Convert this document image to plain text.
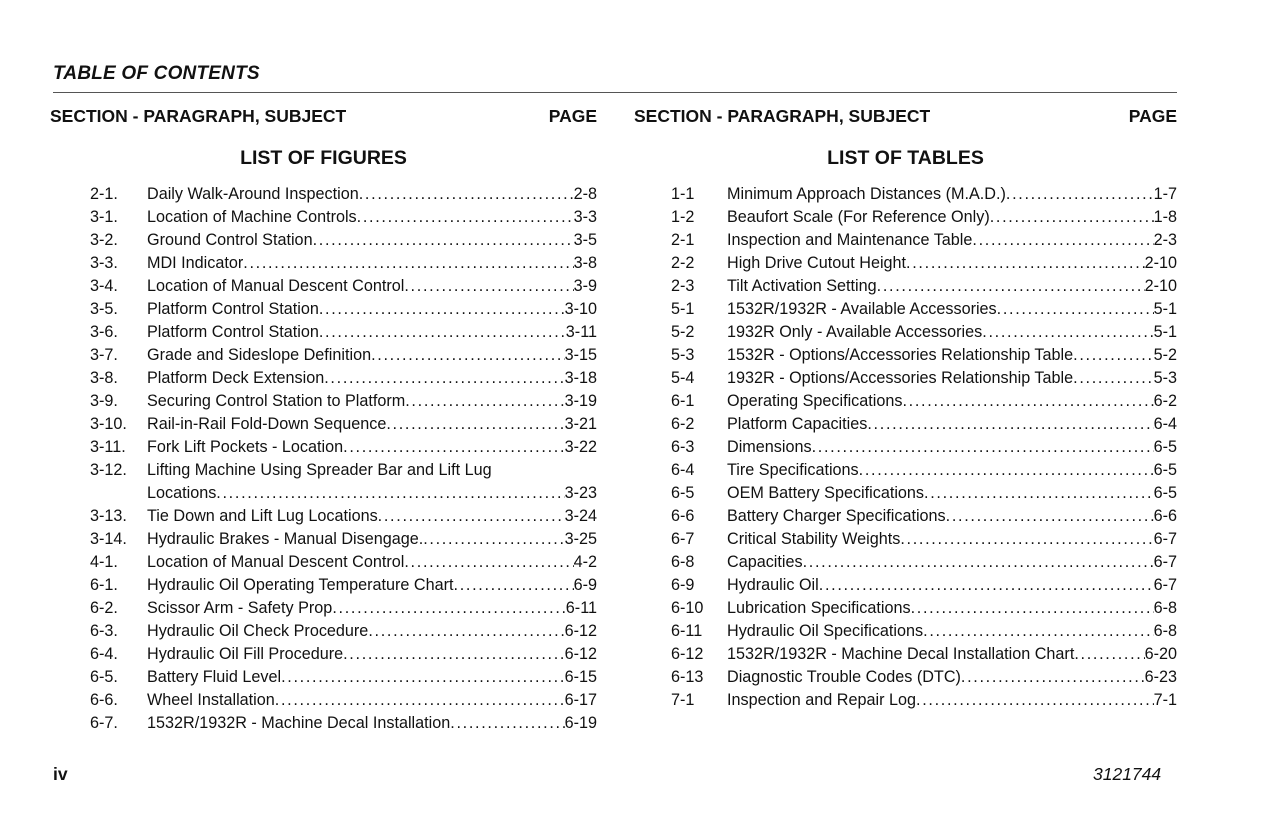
TABLE OF CONTENTS
SECTION - PARAGRAPH, SUBJECT	PAGE
LIST OF FIGURES
2-1.	Daily Walk-Around Inspection . . .	2-8
3-1.	Location of Machine Controls . . .	3-3
3-2.	Ground Control Station . . .	3-5
3-3.	MDI Indicator . . .	3-8
3-4.	Location of Manual Descent Control . . .	3-9
3-5.	Platform Control Station . . .	3-10
3-6.	Platform Control Station . . .	3-11
3-7.	Grade and Sideslope Definition . . .	3-15
3-8.	Platform Deck Extension . . .	3-18
3-9.	Securing Control Station to Platform . . .	3-19
3-10.	Rail-in-Rail Fold-Down Sequence . . .	3-21
3-11.	Fork Lift Pockets - Location . . .	3-22
3-12.	Lifting Machine Using Spreader Bar and Lift Lug
Locations . . .	3-23
3-13.	Tie Down and Lift Lug Locations . . .	3-24
3-14.	Hydraulic Brakes - Manual Disengage. . . .	3-25
4-1.	Location of Manual Descent Control . . .	4-2
6-1.	Hydraulic Oil Operating Temperature Chart . . .	6-9
6-2.	Scissor Arm - Safety Prop . . .	6-11
6-3.	Hydraulic Oil Check Procedure . . .	6-12
6-4.	Hydraulic Oil Fill Procedure . . .	6-12
6-5.	Battery Fluid Level . . .	6-15
6-6.	Wheel Installation . . .	6-17
6-7.	1532R/1932R - Machine Decal Installation . . .	6-19
SECTION - PARAGRAPH, SUBJECT	PAGE
LIST OF TABLES
1-1	Minimum Approach Distances (M.A.D.) . . .	1-7
1-2	Beaufort Scale (For Reference Only) . . .	1-8
2-1	Inspection and Maintenance Table . . .	2-3
2-2	High Drive Cutout Height . . .	2-10
2-3	Tilt Activation Setting . . .	2-10
5-1	1532R/1932R - Available Accessories . . .	5-1
5-2	1932R Only - Available Accessories . . .	5-1
5-3	1532R - Options/Accessories Relationship Table . . .	5-2
5-4	1932R - Options/Accessories Relationship Table . . .	5-3
6-1	Operating Specifications . . .	6-2
6-2	Platform Capacities . . .	6-4
6-3	Dimensions . . .	6-5
6-4	Tire Specifications . . .	6-5
6-5	OEM Battery Specifications . . .	6-5
6-6	Battery Charger Specifications . . .	6-6
6-7	Critical Stability Weights . . .	6-7
6-8	Capacities . . .	6-7
6-9	Hydraulic Oil . . .	6-7
6-10	Lubrication Specifications . . .	6-8
6-11	Hydraulic Oil Specifications . . .	6-8
6-12	1532R/1932R - Machine Decal Installation Chart . . .	6-20
6-13	Diagnostic Trouble Codes (DTC) . . .	6-23
7-1	Inspection and Repair Log . . .	7-1
iv	3121744
